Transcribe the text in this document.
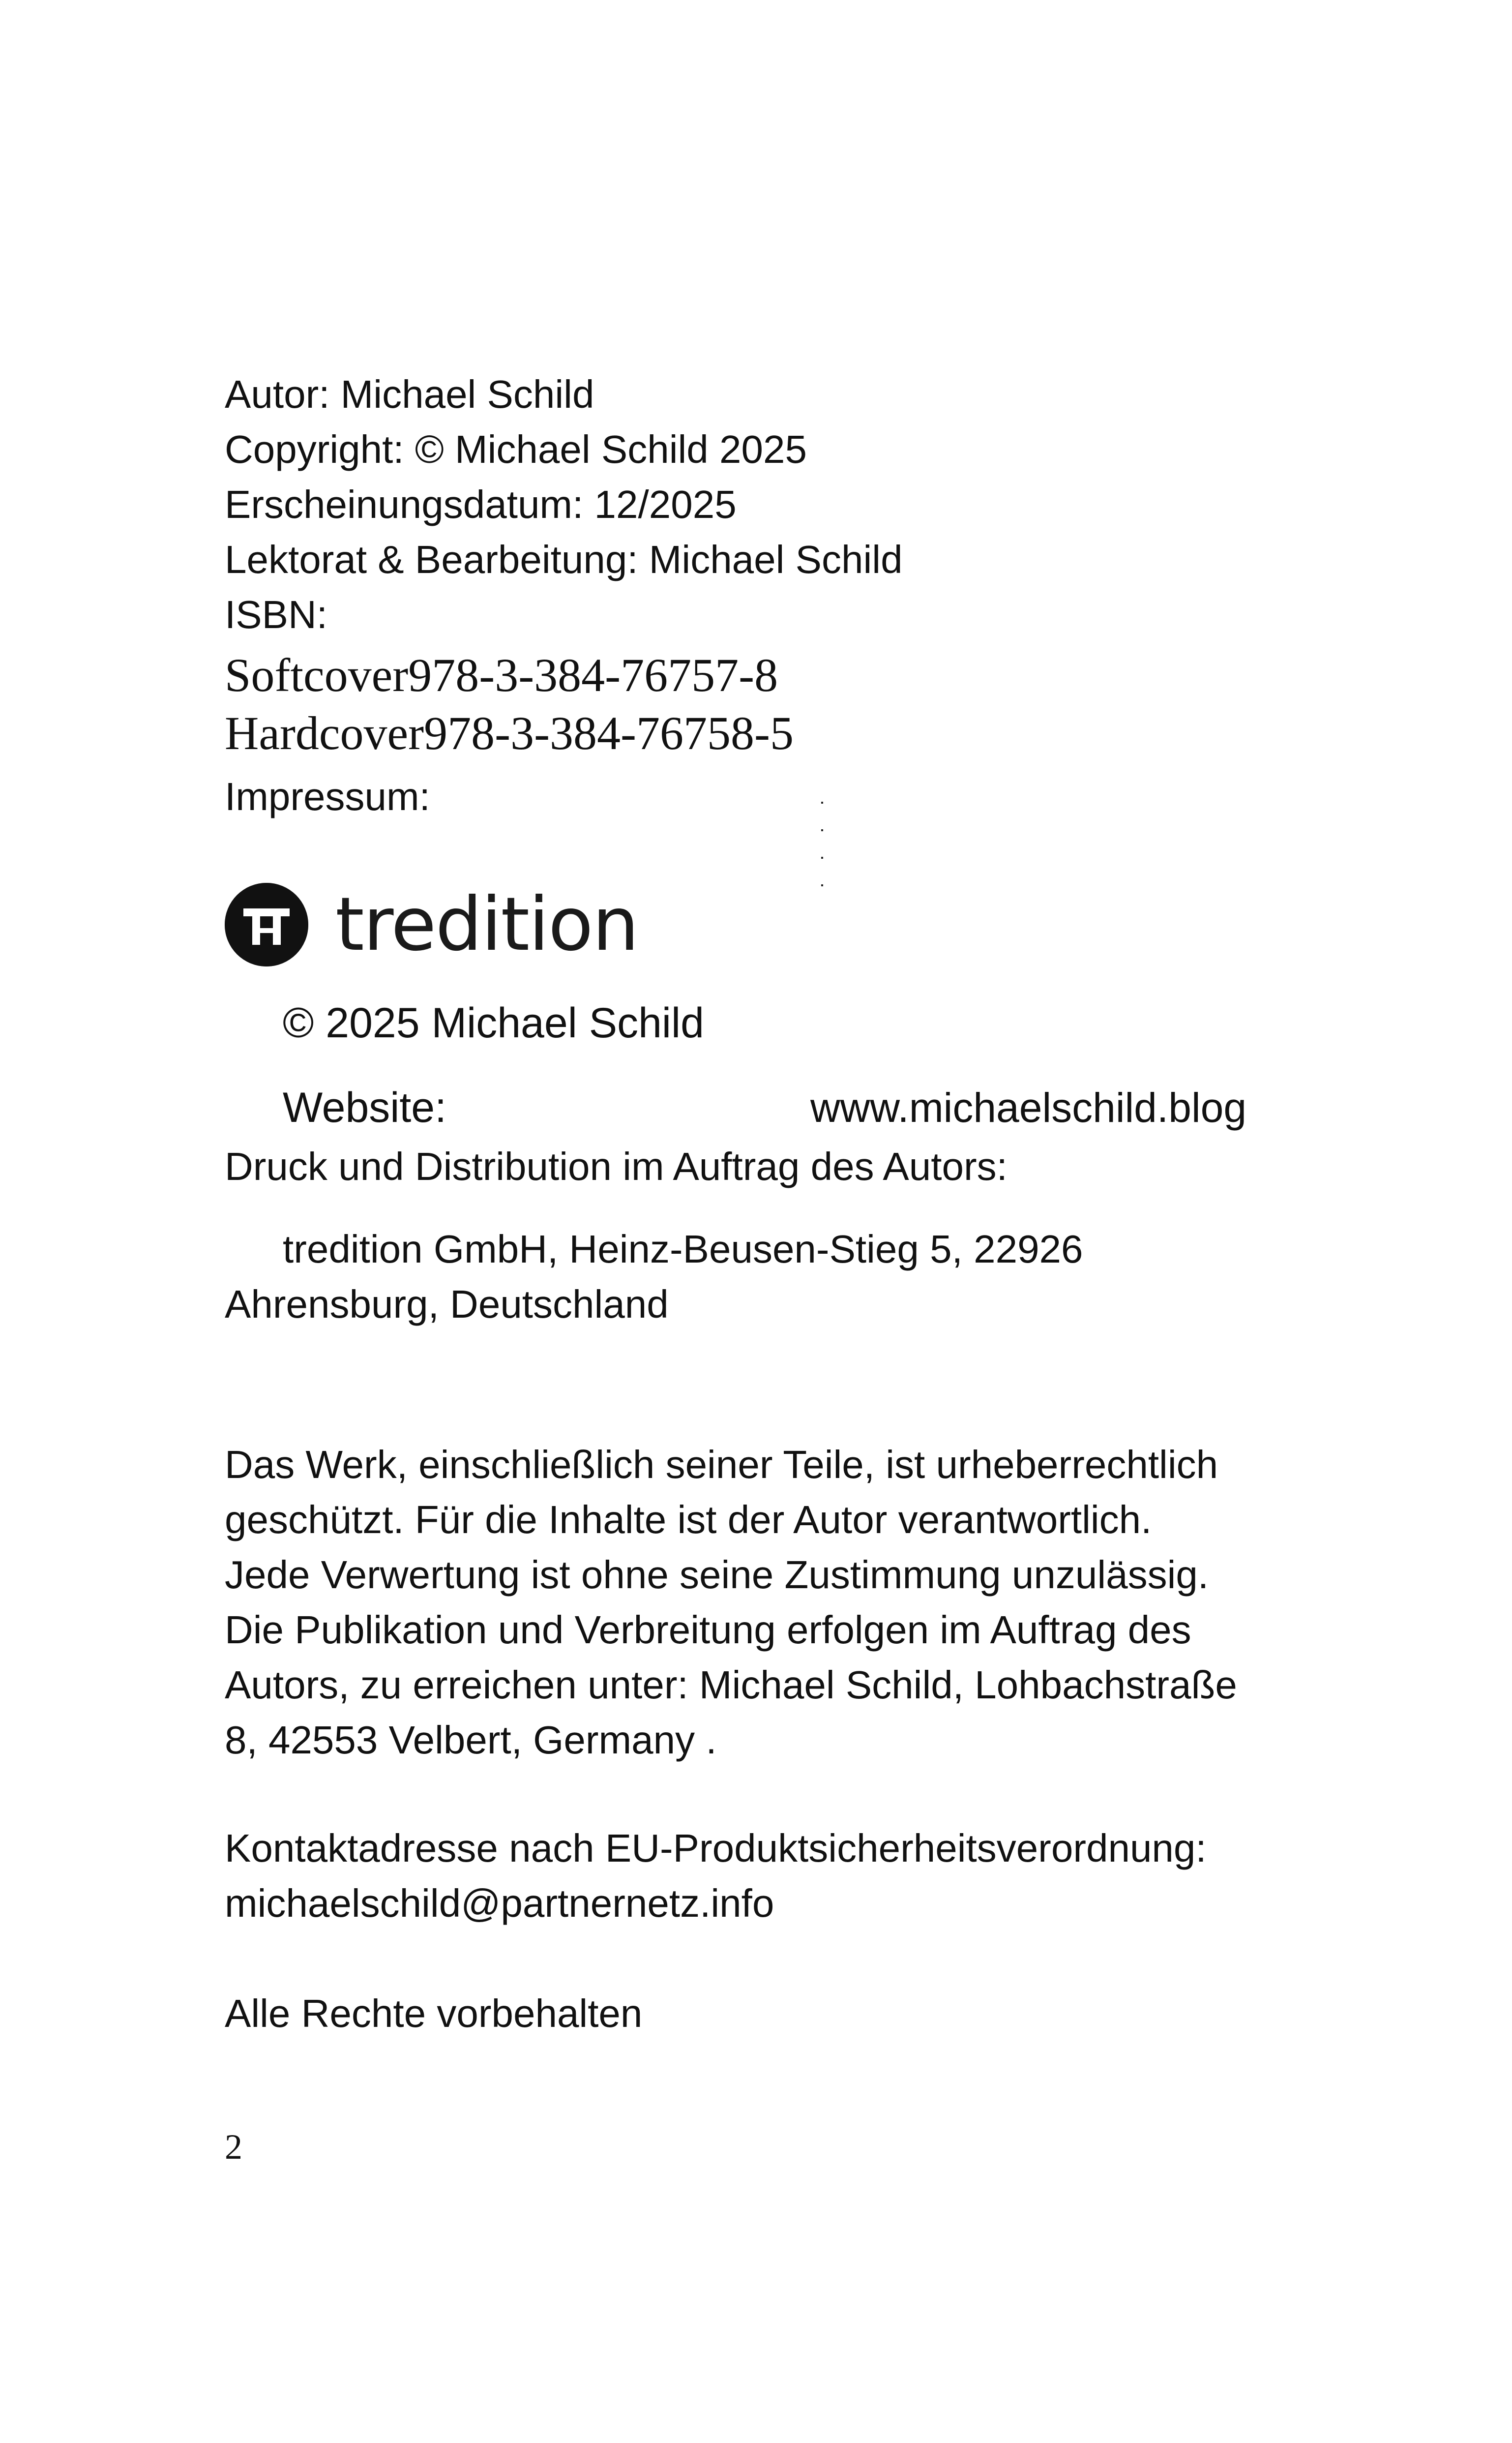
Autor: Michael Schild
Copyright: © Michael Schild 2025
Erscheinungsdatum: 12/2025
Lektorat & Bearbeitung: Michael Schild
ISBN:
Softcover978-3-384-76757-8
Hardcover978-3-384-76758-5
Impressum:
tredition
© 2025 Michael Schild
Website:	www.michaelschild.blog
Druck und Distribution im Auftrag des Autors:
tredition GmbH, Heinz-Beusen-Stieg 5, 22926
Ahrensburg, Deutschland
Das Werk, einschließlich seiner Teile, ist urheberrechtlich
geschützt. Für die Inhalte ist der Autor verantwortlich.
Jede Verwertung ist ohne seine Zustimmung unzulässig.
Die Publikation und Verbreitung erfolgen im Auftrag des
Autors, zu erreichen unter: Michael Schild, Lohbachstraße
8, 42553 Velbert, Germany .
Kontaktadresse nach EU-Produktsicherheitsverordnung:
michaelschild@partnernetz.info
Alle Rechte vorbehalten
2
